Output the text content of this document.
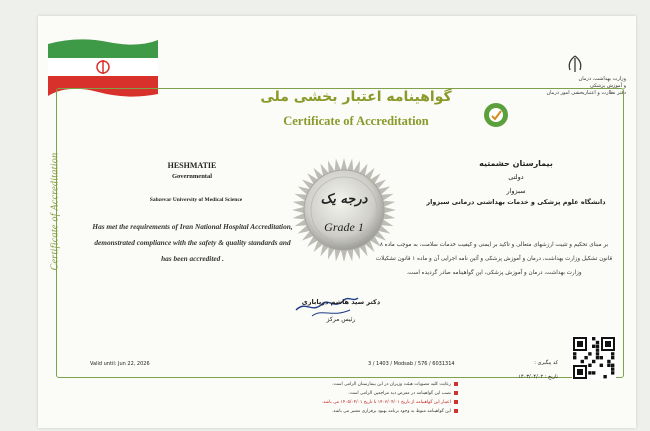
وزارت بهداشت، درمان
و آموزش پزشکی
دفتر نظارت و اعتباربخشی امور درمان
Certificate of Accreditation
گواهینامه اعتبار بخشی ملی
Certificate of Accreditation
HESHMATIE
Governmental
Sabzevar University of Medical Science
Has met the requirements of Iran National Hospital Accreditation, demonstrated compliance with the safety & quality standards and has been accredited .
بیمارستان حشمتیه
دولتی
سبزوار
دانشگاه علوم پزشکی و خدمات بهداشتی درمانی سبزوار
بر مبنای تحکیم و تثبیت ارزشهای متعالی و تاکید بر ایمنی و کیفیت خدمات سلامت، به موجب ماده ۸ قانون تشکیل وزارت بهداشت، درمان و آموزش پزشکی و آئین نامه اجرایی آن و ماده ۱ قانون تشکیلات وزارت بهداشت، درمان و آموزش پزشکی، این گواهینامه صادر گردیده است.
درجه یک
Grade 1
دکتر سید هاشم دریاباری
رئیس مرکز
Valid until: Jun 22, 2026	3 / 1403 / Modsab / 576 / 6031314	کد پیگیری :
تاریخ : ۱۴۰۳/۰۴/۰۲
رعایت کلیه مصوبات هیئت وزیران در این بیمارستان الزامی است.
نصب این گواهینامه در معرض دید مراجعین الزامی است.
اعتبار این گواهینامه از تاریخ ۱۴۰۳/۰۴/۰۱ تا تاریخ ۱۴۰۵/۰۴/۰۱ می باشد.
این گواهینامه منوط به وجود برنامه بهبود برقراری معتبر می باشد.
